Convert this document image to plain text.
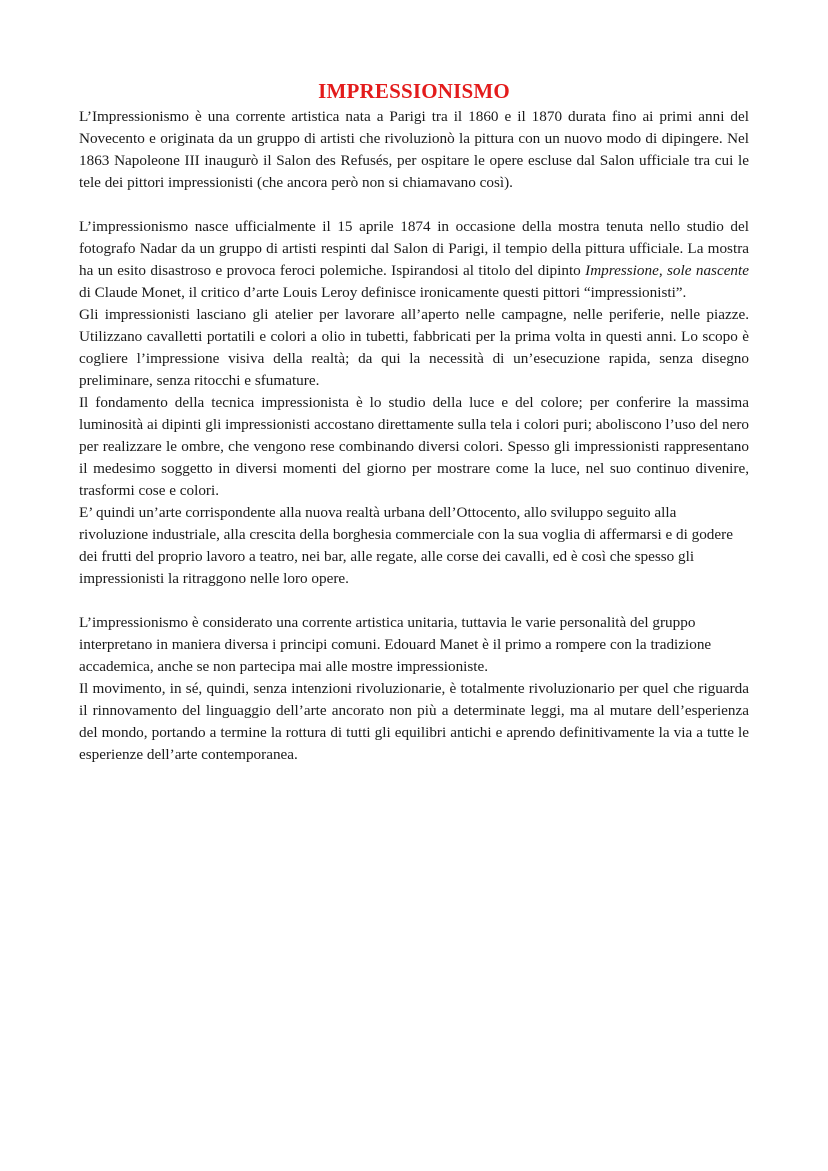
IMPRESSIONISMO

L’Impressionismo è una corrente artistica nata a Parigi tra il 1860 e il 1870 durata fino ai primi anni del Novecento e originata da un gruppo di artisti che rivoluzionò la pittura con un nuovo modo di dipingere. Nel 1863 Napoleone III inaugurò il Salon des Refusés, per ospitare le opere escluse dal Salon ufficiale tra cui le tele dei pittori impressionisti (che ancora però non si chiamavano così).

L’impressionismo nasce ufficialmente il 15 aprile 1874 in occasione della mostra tenuta nello studio del fotografo Nadar da un gruppo di artisti respinti dal Salon di Parigi, il tempio della pittura ufficiale. La mostra ha un esito disastroso e provoca feroci polemiche. Ispirandosi al titolo del dipinto Impressione, sole nascente di Claude Monet, il critico d’arte Louis Leroy definisce ironicamente questi pittori “impressionisti”.

Gli impressionisti lasciano gli atelier per lavorare all’aperto nelle campagne, nelle periferie, nelle piazze. Utilizzano cavalletti portatili e colori a olio in tubetti, fabbricati per la prima volta in questi anni. Lo scopo è cogliere l’impressione visiva della realtà; da qui la necessità di un’esecuzione rapida, senza disegno preliminare, senza ritocchi e sfumature.

Il fondamento della tecnica impressionista è lo studio della luce e del colore; per conferire la massima luminosità ai dipinti gli impressionisti accostano direttamente sulla tela i colori puri; aboliscono l’uso del nero per realizzare le ombre, che vengono rese combinando diversi colori. Spesso gli impressionisti rappresentano il medesimo soggetto in diversi momenti del giorno per mostrare come la luce, nel suo continuo divenire, trasformi cose e colori.

E’ quindi un’arte corrispondente alla nuova realtà urbana dell’Ottocento, allo sviluppo seguito alla rivoluzione industriale, alla crescita della borghesia commerciale con la sua voglia di affermarsi e di godere dei frutti del proprio lavoro a teatro, nei bar, alle regate, alle corse dei cavalli, ed è così che spesso gli impressionisti la ritraggono nelle loro opere.

L’impressionismo è considerato una corrente artistica unitaria, tuttavia le varie personalità del gruppo interpretano in maniera diversa i principi comuni. Edouard Manet è il primo a rompere con la tradizione accademica, anche se non partecipa mai alle mostre impressioniste.

Il movimento, in sé, quindi, senza intenzioni rivoluzionarie, è totalmente rivoluzionario per quel che riguarda il rinnovamento del linguaggio dell’arte ancorato non più a determinate leggi, ma al mutare dell’esperienza del mondo, portando a termine la rottura di tutti gli equilibri antichi e aprendo definitivamente la via a tutte le esperienze dell’arte contemporanea.
